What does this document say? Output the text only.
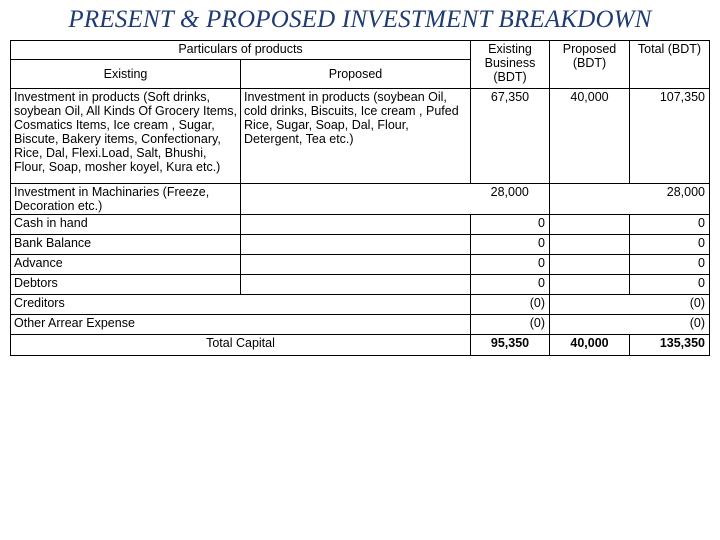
PRESENT & PROPOSED INVESTMENT BREAKDOWN
Particulars of products		Existing Business (BDT)	Proposed (BDT)	Total (BDT)
Existing	Proposed			
Investment in products (Soft drinks, soybean Oil, All Kinds Of Grocery Items, Cosmatics Items, Ice cream , Sugar, Biscute, Bakery items, Confectionary, Rice, Dal, Flexi.Load, Salt, Bhushi, Flour, Soap, mosher koyel, Kura etc.)	Investment in products (soybean Oil, cold drinks, Biscuits, Ice cream , Pufed Rice, Sugar, Soap, Dal, Flour, Detergent, Tea etc.)	67,350	40,000	107,350
Investment in Machinaries (Freeze, Decoration etc.)		28,000		28,000
Cash in hand		0		0
Bank Balance		0		0
Advance		0		0
Debtors		0		0
Creditors		(0)		(0)
Other Arrear Expense		(0)		(0)
Total Capital		95,350	40,000	135,350
